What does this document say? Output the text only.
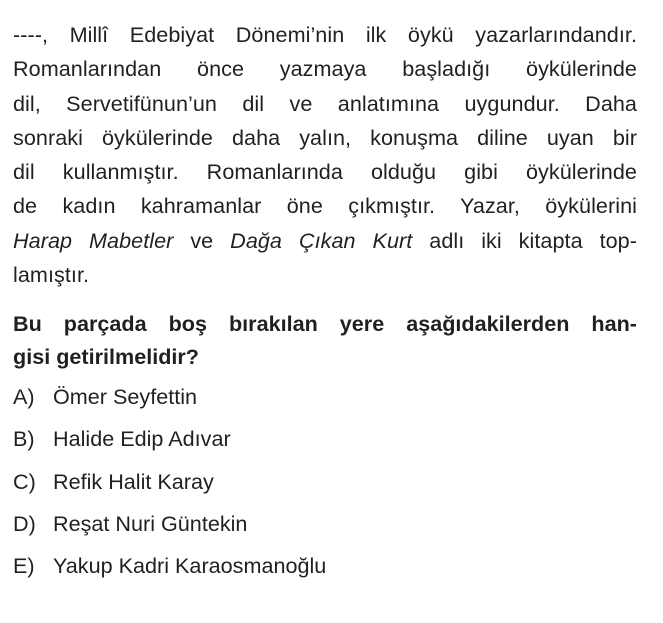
----, Millî Edebiyat Dönemi’nin ilk öykü yazarlarındandır.
Romanlarından önce yazmaya başladığı öykülerinde
dil, Servetifünun’un dil ve anlatımına uygundur. Daha
sonraki öykülerinde daha yalın, konuşma diline uyan bir
dil kullanmıştır. Romanlarında olduğu gibi öykülerinde
de kadın kahramanlar öne çıkmıştır. Yazar, öykülerini
Harap Mabetler ve Dağa Çıkan Kurt adlı iki kitapta top-
lamıştır.

Bu parçada boş bırakılan yere aşağıdakilerden han-
gisi getirilmelidir?

A) Ömer Seyfettin
B) Halide Edip Adıvar
C) Refik Halit Karay
D) Reşat Nuri Güntekin
E) Yakup Kadri Karaosmanoğlu
